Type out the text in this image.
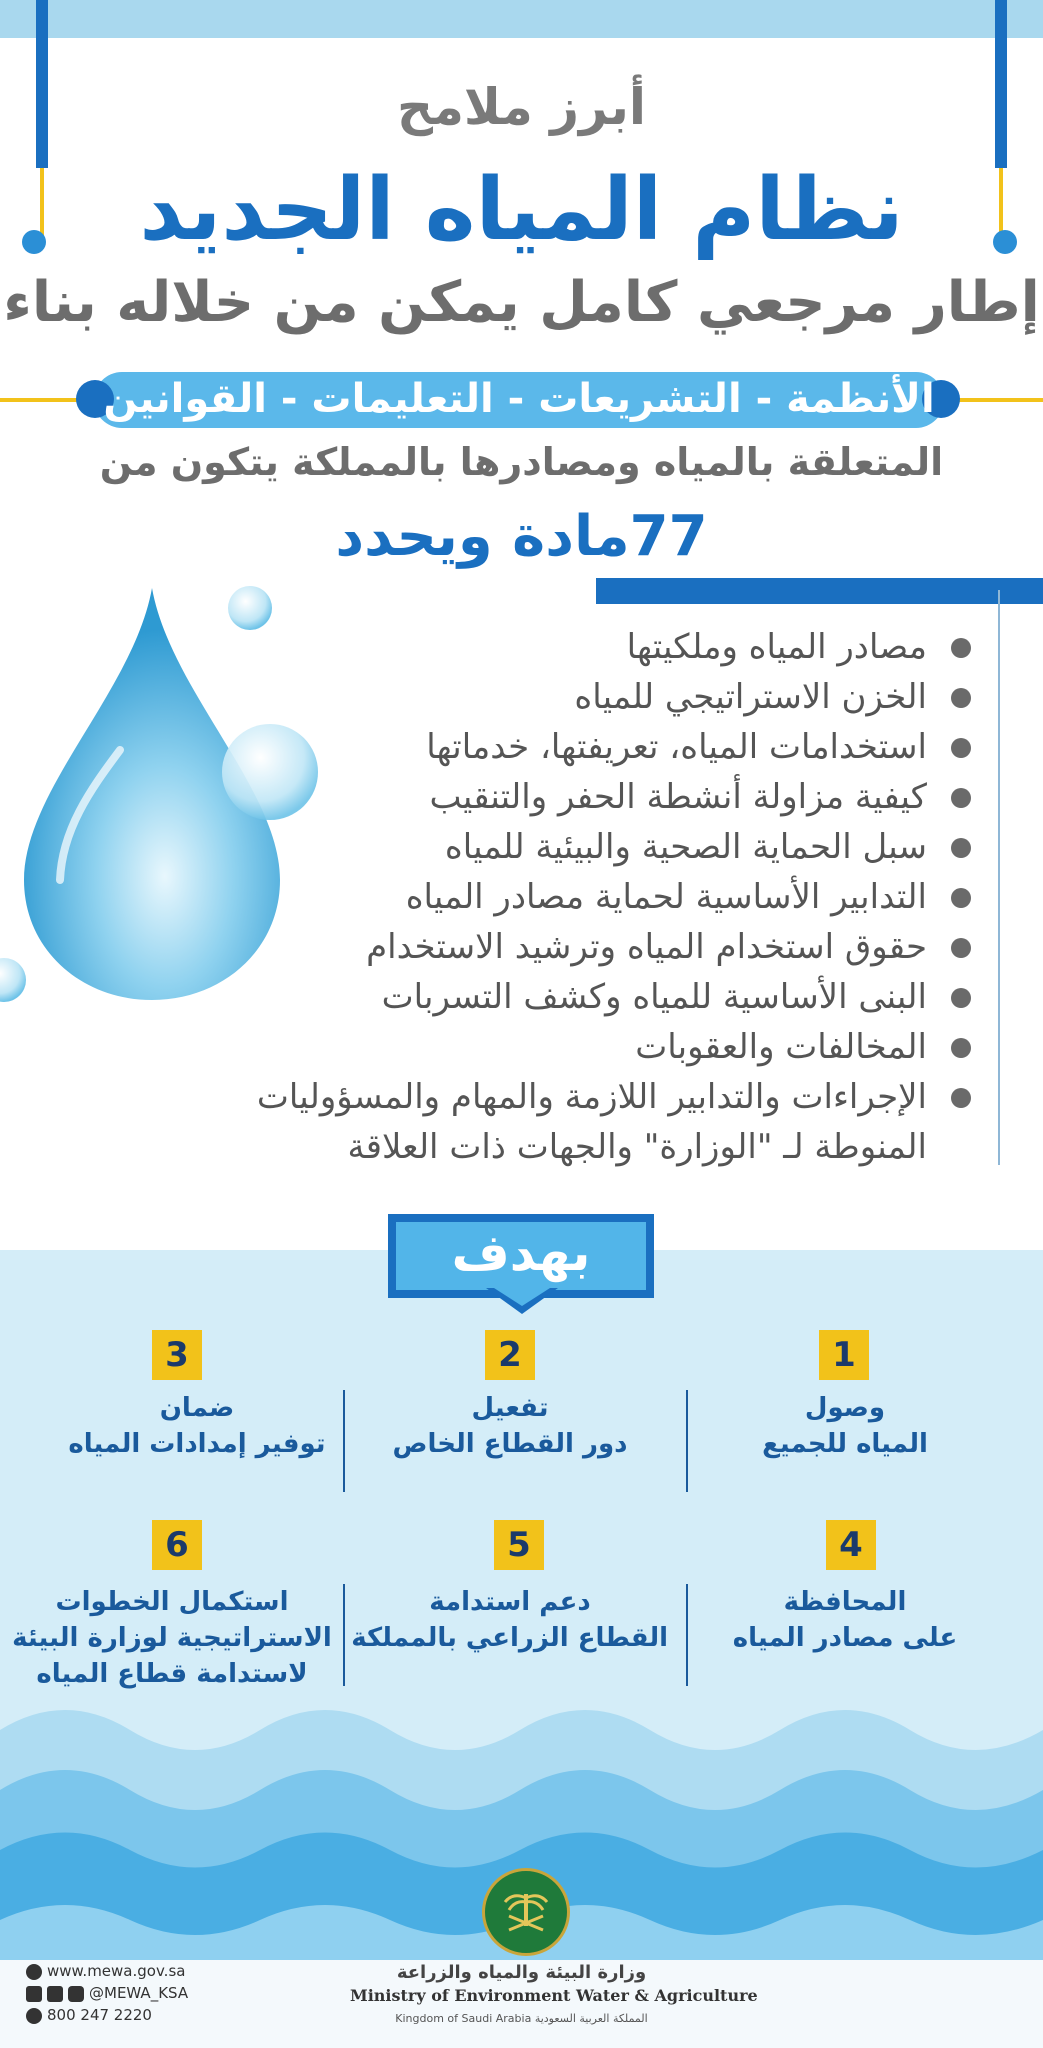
أبرز ملامح
نظام المياه الجديد
إطار مرجعي كامل يمكن من خلاله بناء
الأنظمة - التشريعات - التعليمات - القوانين
المتعلقة بالمياه ومصادرها بالمملكة يتكون من
77مادة ويحدد
مصادر المياه وملكيتها
الخزن الاستراتيجي للمياه
استخدامات المياه، تعريفتها، خدماتها
كيفية مزاولة أنشطة الحفر والتنقيب
سبل الحماية الصحية والبيئية للمياه
التدابير الأساسية لحماية مصادر المياه
حقوق استخدام المياه وترشيد الاستخدام
البنى الأساسية للمياه وكشف التسربات
المخالفات والعقوبات
الإجراءات والتدابير اللازمة والمهام والمسؤوليات
المنوطة لـ "الوزارة" والجهات ذات العلاقة
بهدف
1
وصول
المياه للجميع
2
تفعيل
دور القطاع الخاص
3
ضمان
توفير إمدادات المياه
4
المحافظة
على مصادر المياه
5
دعم استدامة
القطاع الزراعي بالمملكة
6
استكمال الخطوات
الاستراتيجية لوزارة البيئة
لاستدامة قطاع المياه
وزارة البيئة والمياه والزراعة
Ministry of Environment Water & Agriculture
Kingdom of Saudi Arabia المملكة العربية السعودية
www.mewa.gov.sa
@MEWA_KSA
800 247 2220
